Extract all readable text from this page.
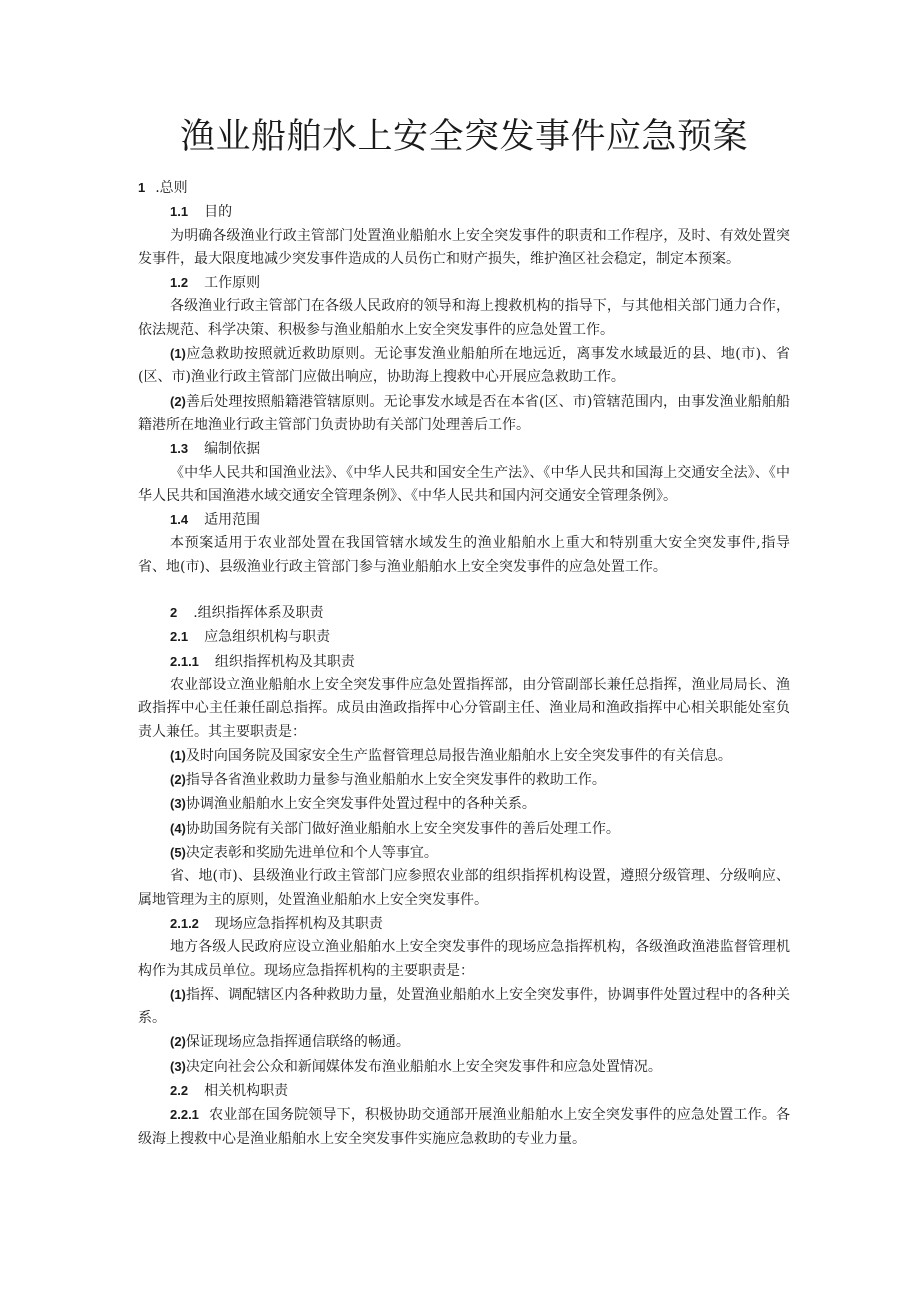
渔业船舶水上安全突发事件应急预案

1 .总则

1.1 目的

为明确各级渔业行政主管部门处置渔业船舶水上安全突发事件的职责和工作程序，及时、有效处置突发事件，最大限度地减少突发事件造成的人员伤亡和财产损失，维护渔区社会稳定，制定本预案。

1.2 工作原则

各级渔业行政主管部门在各级人民政府的领导和海上搜救机构的指导下，与其他相关部门通力合作，依法规范、科学决策、积极参与渔业船舶水上安全突发事件的应急处置工作。

(1)应急救助按照就近救助原则。无论事发渔业船舶所在地远近，离事发水域最近的县、地(市)、省(区、市)渔业行政主管部门应做出响应，协助海上搜救中心开展应急救助工作。

(2)善后处理按照船籍港管辖原则。无论事发水域是否在本省(区、市)管辖范围内，由事发渔业船舶船籍港所在地渔业行政主管部门负责协助有关部门处理善后工作。

1.3 编制依据

《中华人民共和国渔业法》、《中华人民共和国安全生产法》、《中华人民共和国海上交通安全法》、《中华人民共和国渔港水域交通安全管理条例》、《中华人民共和国内河交通安全管理条例》。

1.4 适用范围

本预案适用于农业部处置在我国管辖水域发生的渔业船舶水上重大和特别重大安全突发事件,指导省、地(市)、县级渔业行政主管部门参与渔业船舶水上安全突发事件的应急处置工作。

2 .组织指挥体系及职责

2.1 应急组织机构与职责

2.1.1 组织指挥机构及其职责

农业部设立渔业船舶水上安全突发事件应急处置指挥部，由分管副部长兼任总指挥，渔业局局长、渔政指挥中心主任兼任副总指挥。成员由渔政指挥中心分管副主任、渔业局和渔政指挥中心相关职能处室负责人兼任。其主要职责是：

(1)及时向国务院及国家安全生产监督管理总局报告渔业船舶水上安全突发事件的有关信息。

(2)指导各省渔业救助力量参与渔业船舶水上安全突发事件的救助工作。

(3)协调渔业船舶水上安全突发事件处置过程中的各种关系。

(4)协助国务院有关部门做好渔业船舶水上安全突发事件的善后处理工作。

(5)决定表彰和奖励先进单位和个人等事宜。

省、地(市)、县级渔业行政主管部门应参照农业部的组织指挥机构设置，遵照分级管理、分级响应、属地管理为主的原则，处置渔业船舶水上安全突发事件。

2.1.2 现场应急指挥机构及其职责

地方各级人民政府应设立渔业船舶水上安全突发事件的现场应急指挥机构，各级渔政渔港监督管理机构作为其成员单位。现场应急指挥机构的主要职责是：

(1)指挥、调配辖区内各种救助力量，处置渔业船舶水上安全突发事件，协调事件处置过程中的各种关系。

(2)保证现场应急指挥通信联络的畅通。

(3)决定向社会公众和新闻媒体发布渔业船舶水上安全突发事件和应急处置情况。

2.2 相关机构职责

2.2.1 农业部在国务院领导下，积极协助交通部开展渔业船舶水上安全突发事件的应急处置工作。各级海上搜救中心是渔业船舶水上安全突发事件实施应急救助的专业力量。
